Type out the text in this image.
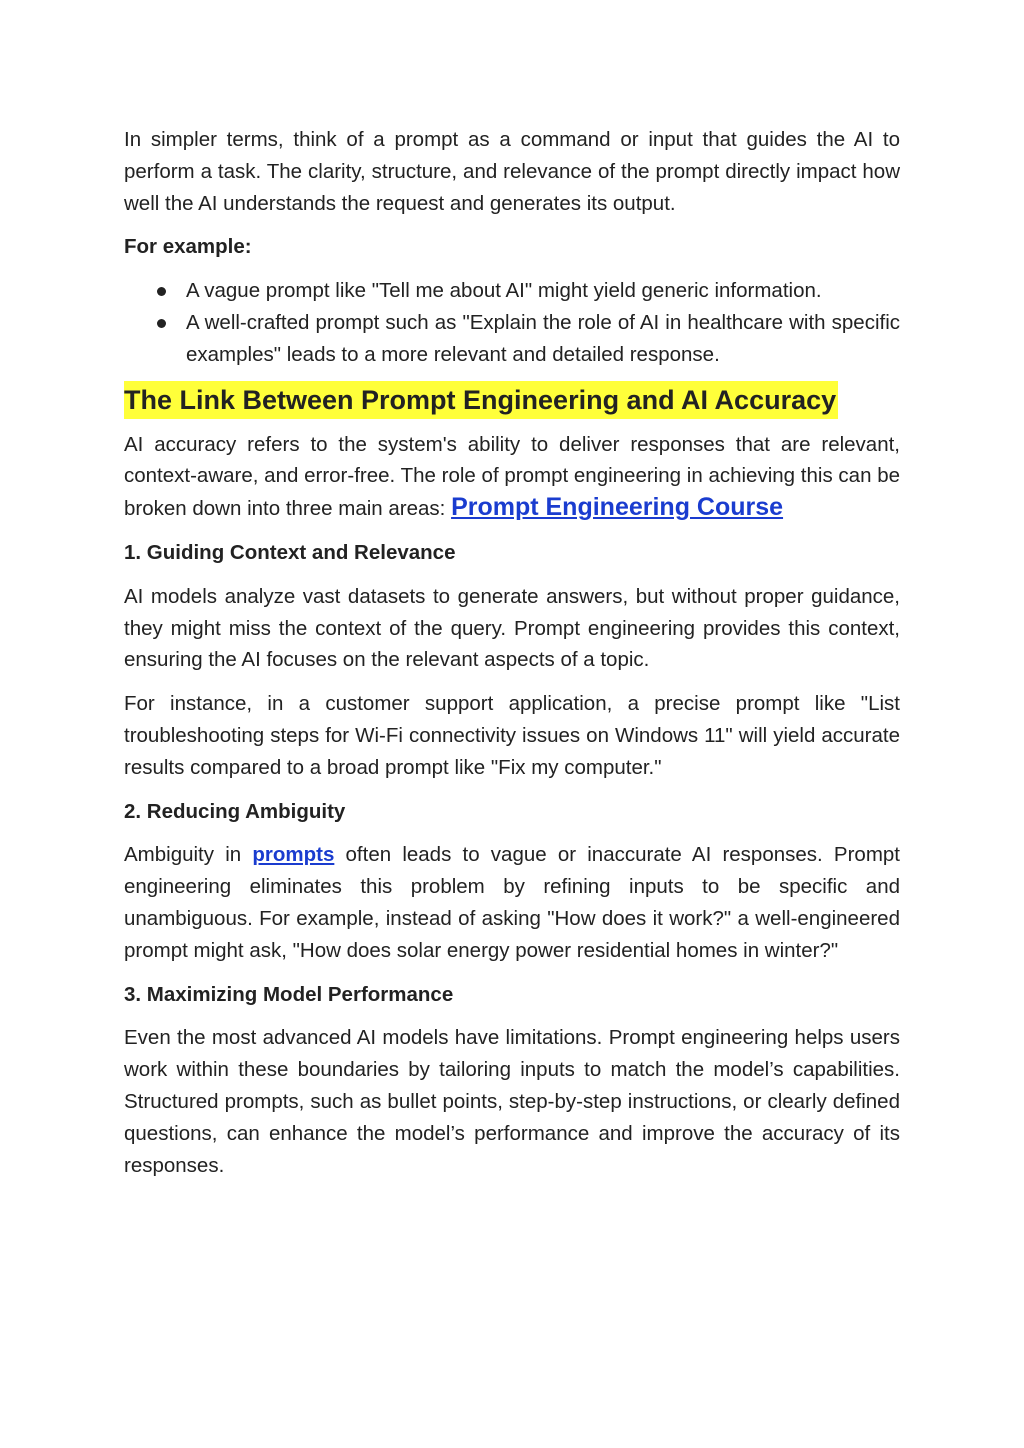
In simpler terms, think of a prompt as a command or input that guides the AI to perform a task. The clarity, structure, and relevance of the prompt directly impact how well the AI understands the request and generates its output.

For example:

A vague prompt like "Tell me about AI" might yield generic information.
A well-crafted prompt such as "Explain the role of AI in healthcare with specific examples" leads to a more relevant and detailed response.
The Link Between Prompt Engineering and AI Accuracy

AI accuracy refers to the system's ability to deliver responses that are relevant, context-aware, and error-free. The role of prompt engineering in achieving this can be broken down into three main areas: Prompt Engineering Course

1. Guiding Context and Relevance

AI models analyze vast datasets to generate answers, but without proper guidance, they might miss the context of the query. Prompt engineering provides this context, ensuring the AI focuses on the relevant aspects of a topic.

For instance, in a customer support application, a precise prompt like "List troubleshooting steps for Wi-Fi connectivity issues on Windows 11" will yield accurate results compared to a broad prompt like "Fix my computer."

2. Reducing Ambiguity

Ambiguity in prompts often leads to vague or inaccurate AI responses. Prompt engineering eliminates this problem by refining inputs to be specific and unambiguous. For example, instead of asking "How does it work?" a well-engineered prompt might ask, "How does solar energy power residential homes in winter?"

3. Maximizing Model Performance

Even the most advanced AI models have limitations. Prompt engineering helps users work within these boundaries by tailoring inputs to match the model’s capabilities. Structured prompts, such as bullet points, step-by-step instructions, or clearly defined questions, can enhance the model’s performance and improve the accuracy of its responses.
